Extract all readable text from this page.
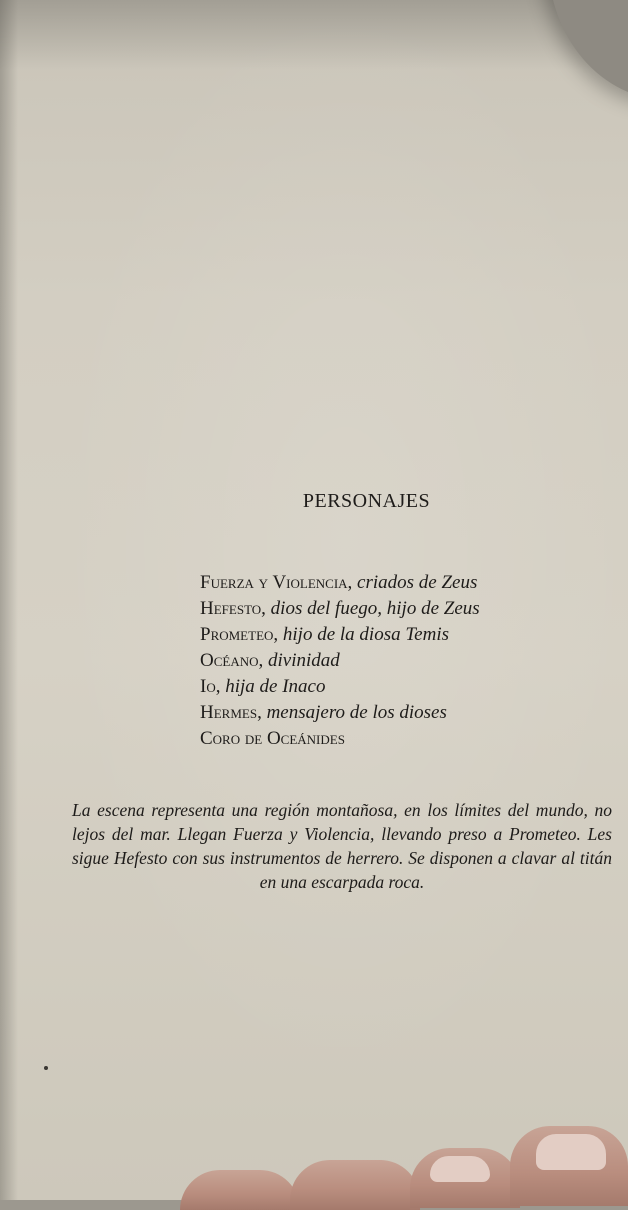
PERSONAJES
Fuerza y Violencia, criados de Zeus
Hefesto, dios del fuego, hijo de Zeus
Prometeo, hijo de la diosa Temis
Océano, divinidad
Io, hija de Inaco
Hermes, mensajero de los dioses
Coro de Oceánides

La escena representa una región montañosa, en los límites del mundo, no lejos del mar. Llegan Fuerza y Violencia, llevando preso a Prometeo. Les sigue Hefesto con sus instrumentos de herrero. Se disponen a clavar al titán en una escarpada roca.
